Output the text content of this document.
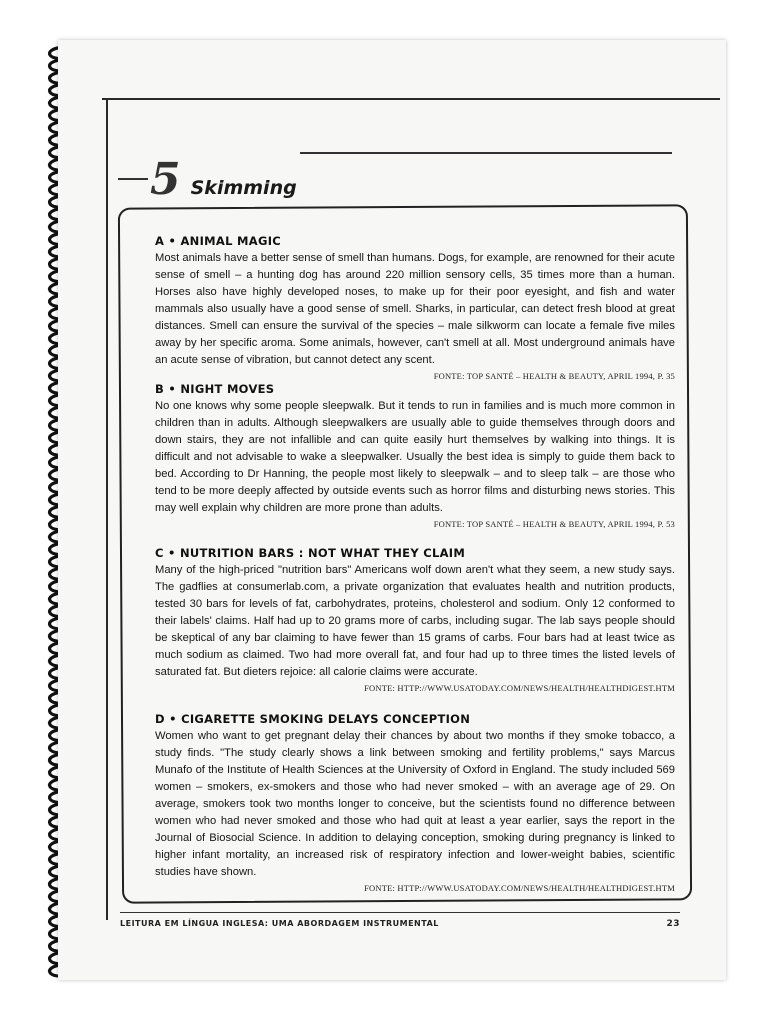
5 Skimming
A • ANIMAL MAGIC

Most animals have a better sense of smell than humans. Dogs, for example, are renowned for their acute sense of smell – a hunting dog has around 220 million sensory cells, 35 times more than a human. Horses also have highly developed noses, to make up for their poor eyesight, and fish and water mammals also usually have a good sense of smell. Sharks, in particular, can detect fresh blood at great distances. Smell can ensure the survival of the species – male silkworm can locate a female five miles away by her specific aroma. Some animals, however, can't smell at all. Most underground animals have an acute sense of vibration, but cannot detect any scent.

FONTE: TOP SANTÉ – HEALTH & BEAUTY, APRIL 1994, P. 35
B • NIGHT MOVES

No one knows why some people sleepwalk. But it tends to run in families and is much more common in children than in adults. Although sleepwalkers are usually able to guide themselves through doors and down stairs, they are not infallible and can quite easily hurt themselves by walking into things. It is difficult and not advisable to wake a sleepwalker. Usually the best idea is simply to guide them back to bed. According to Dr Hanning, the people most likely to sleepwalk – and to sleep talk – are those who tend to be more deeply affected by outside events such as horror films and disturbing news stories. This may well explain why children are more prone than adults.

FONTE: TOP SANTÉ – HEALTH & BEAUTY, APRIL 1994, P. 53
C • NUTRITION BARS : NOT WHAT THEY CLAIM

Many of the high-priced "nutrition bars" Americans wolf down aren't what they seem, a new study says. The gadflies at consumerlab.com, a private organization that evaluates health and nutrition products, tested 30 bars for levels of fat, carbohydrates, proteins, cholesterol and sodium. Only 12 conformed to their labels' claims. Half had up to 20 grams more of carbs, including sugar. The lab says people should be skeptical of any bar claiming to have fewer than 15 grams of carbs. Four bars had at least twice as much sodium as claimed. Two had more overall fat, and four had up to three times the listed levels of saturated fat. But dieters rejoice: all calorie claims were accurate.

FONTE: HTTP://WWW.USATODAY.COM/NEWS/HEALTH/HEALTHDIGEST.HTM
D • CIGARETTE SMOKING DELAYS CONCEPTION

Women who want to get pregnant delay their chances by about two months if they smoke tobacco, a study finds. "The study clearly shows a link between smoking and fertility problems," says Marcus Munafo of the Institute of Health Sciences at the University of Oxford in England. The study included 569 women – smokers, ex-smokers and those who had never smoked – with an average age of 29. On average, smokers took two months longer to conceive, but the scientists found no difference between women who had never smoked and those who had quit at least a year earlier, says the report in the Journal of Biosocial Science. In addition to delaying conception, smoking during pregnancy is linked to higher infant mortality, an increased risk of respiratory infection and lower-weight babies, scientific studies have shown.

FONTE: HTTP://WWW.USATODAY.COM/NEWS/HEALTH/HEALTHDIGEST.HTM
LEITURA EM LÍNGUA INGLESA: UMA ABORDAGEM INSTRUMENTAL	23
